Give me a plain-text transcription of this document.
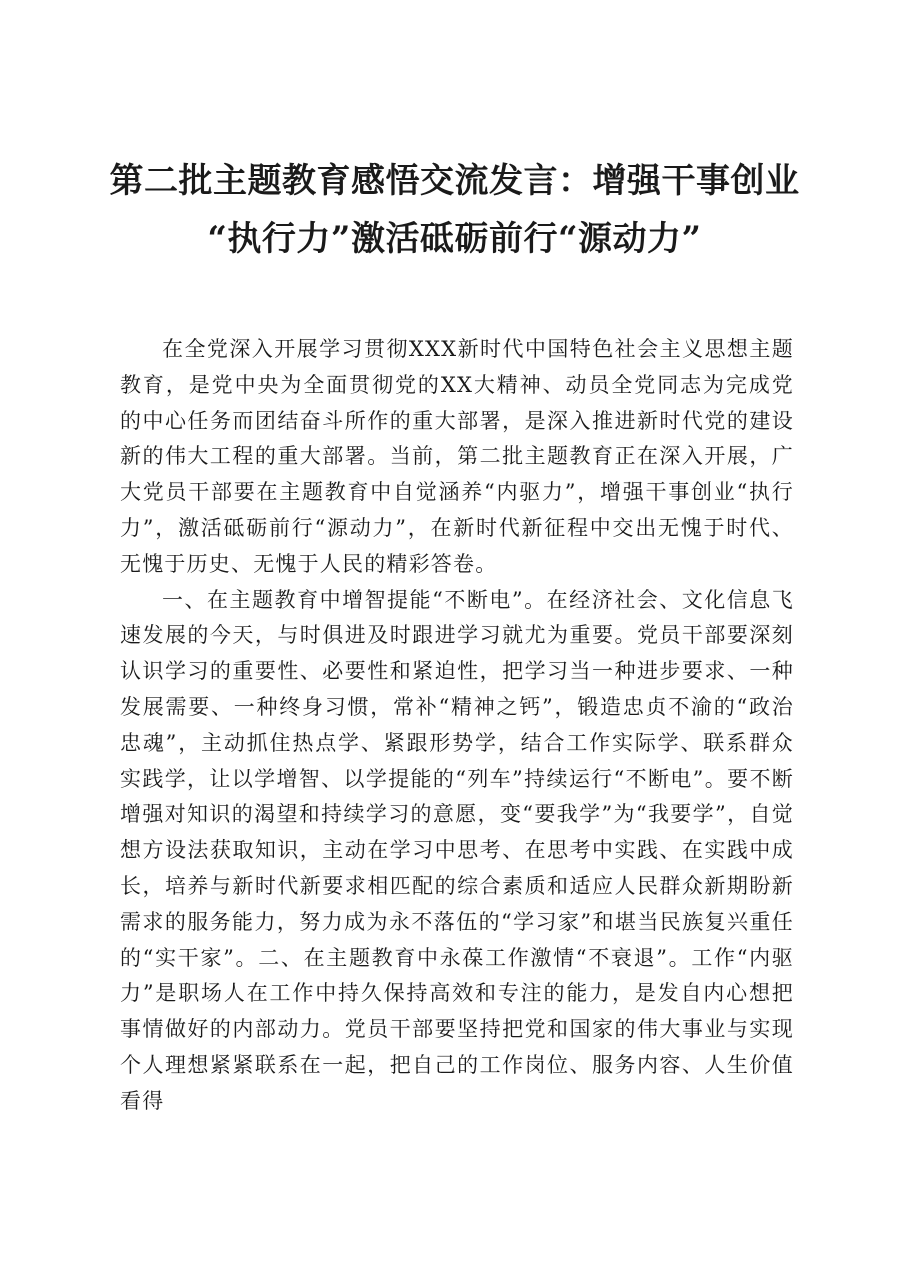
第二批主题教育感悟交流发言：增强干事创业
“执行力”激活砥砺前行“源动力”

在全党深入开展学习贯彻XXX新时代中国特色社会主义思想主题教育，是党中央为全面贯彻党的XX大精神、动员全党同志为完成党的中心任务而团结奋斗所作的重大部署，是深入推进新时代党的建设新的伟大工程的重大部署。当前，第二批主题教育正在深入开展，广大党员干部要在主题教育中自觉涵养“内驱力”，增强干事创业“执行力”，激活砥砺前行“源动力”，在新时代新征程中交出无愧于时代、无愧于历史、无愧于人民的精彩答卷。

一、在主题教育中增智提能“不断电”。在经济社会、文化信息飞速发展的今天，与时俱进及时跟进学习就尤为重要。党员干部要深刻认识学习的重要性、必要性和紧迫性，把学习当一种进步要求、一种发展需要、一种终身习惯，常补“精神之钙”，锻造忠贞不渝的“政治忠魂”，主动抓住热点学、紧跟形势学，结合工作实际学、联系群众实践学，让以学增智、以学提能的“列车”持续运行“不断电”。要不断增强对知识的渴望和持续学习的意愿，变“要我学”为“我要学”，自觉想方设法获取知识，主动在学习中思考、在思考中实践、在实践中成长，培养与新时代新要求相匹配的综合素质和适应人民群众新期盼新需求的服务能力，努力成为永不落伍的“学习家”和堪当民族复兴重任的“实干家”。二、在主题教育中永葆工作激情“不衰退”。工作“内驱力”是职场人在工作中持久保持高效和专注的能力，是发自内心想把事情做好的内部动力。党员干部要坚持把党和国家的伟大事业与实现个人理想紧紧联系在一起，把自己的工作岗位、服务内容、人生价值看得
